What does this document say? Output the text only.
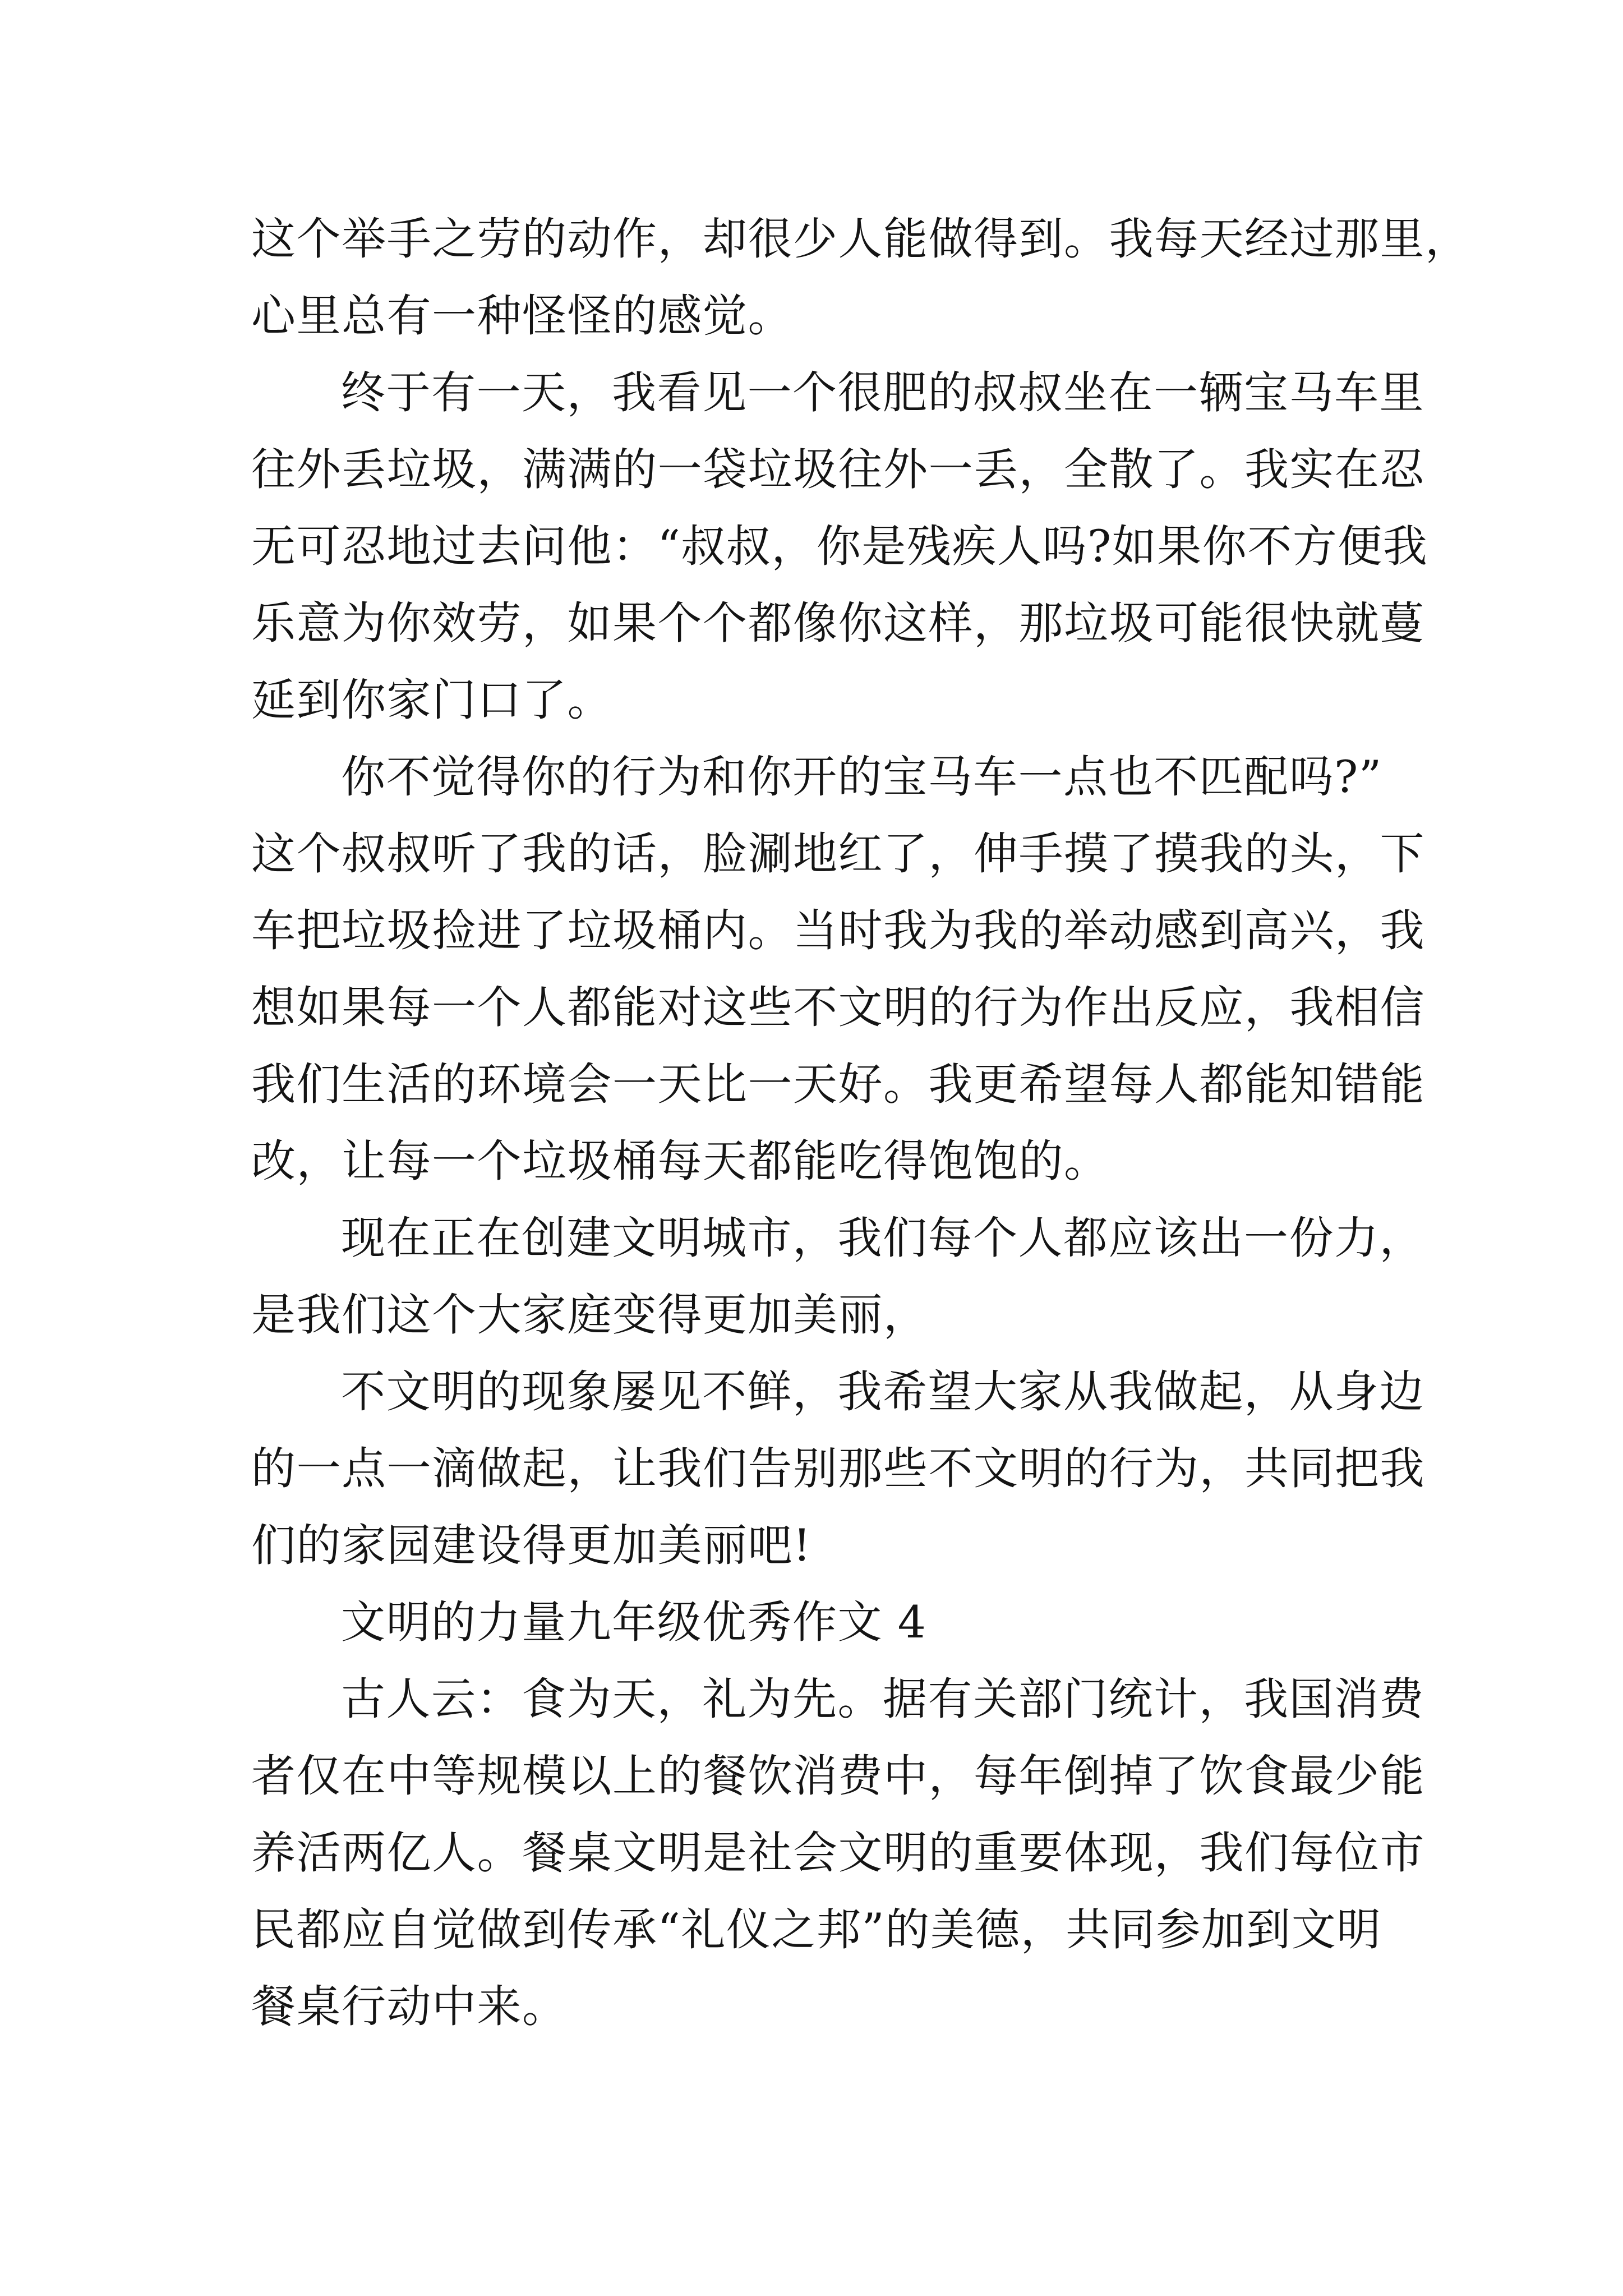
这个举手之劳的动作，却很少人能做得到。我每天经过那里，
心里总有一种怪怪的感觉。
终于有一天，我看见一个很肥的叔叔坐在一辆宝马车里
往外丢垃圾，满满的一袋垃圾往外一丢，全散了。我实在忍
无可忍地过去问他：“叔叔，你是残疾人吗?如果你不方便我
乐意为你效劳，如果个个都像你这样，那垃圾可能很快就蔓
延到你家门口了。
你不觉得你的行为和你开的宝马车一点也不匹配吗?”
这个叔叔听了我的话，脸涮地红了，伸手摸了摸我的头，下
车把垃圾捡进了垃圾桶内。当时我为我的举动感到高兴，我
想如果每一个人都能对这些不文明的行为作出反应，我相信
我们生活的环境会一天比一天好。我更希望每人都能知错能
改，让每一个垃圾桶每天都能吃得饱饱的。
现在正在创建文明城市，我们每个人都应该出一份力，
是我们这个大家庭变得更加美丽，
不文明的现象屡见不鲜，我希望大家从我做起，从身边
的一点一滴做起，让我们告别那些不文明的行为，共同把我
们的家园建设得更加美丽吧!
文明的力量九年级优秀作文 4
古人云：食为天，礼为先。据有关部门统计，我国消费
者仅在中等规模以上的餐饮消费中，每年倒掉了饮食最少能
养活两亿人。餐桌文明是社会文明的重要体现，我们每位市
民都应自觉做到传承“礼仪之邦”的美德，共同参加到文明
餐桌行动中来。
